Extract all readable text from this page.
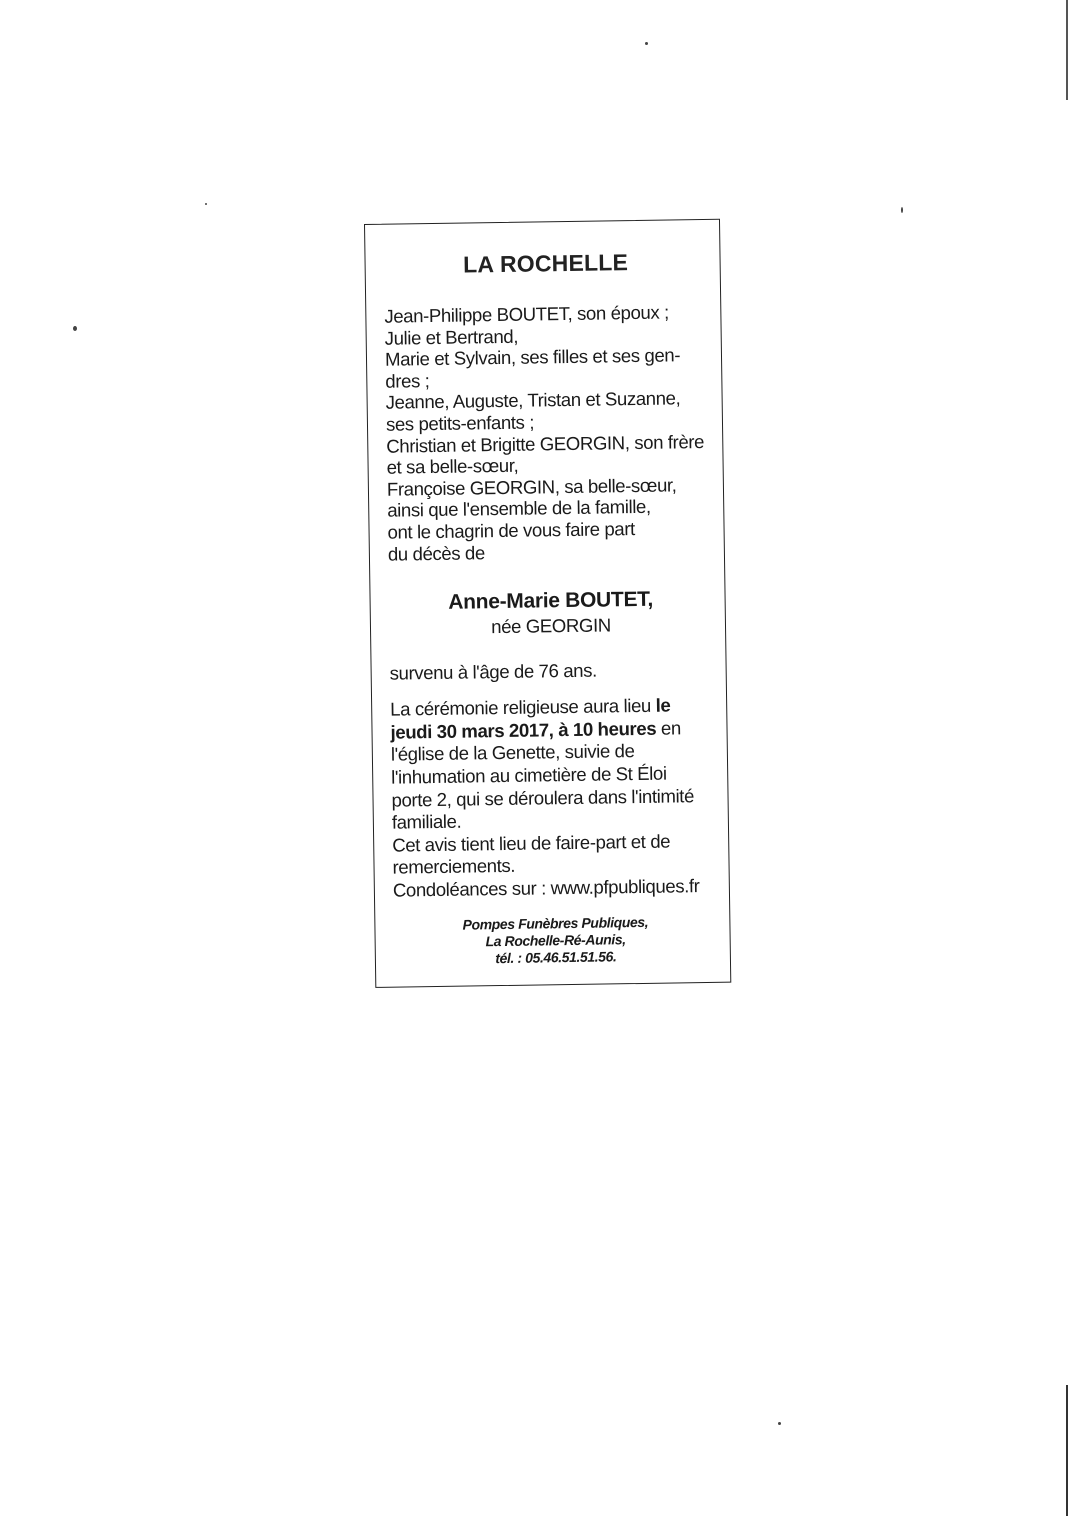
LA ROCHELLE
Jean-Philippe BOUTET, son époux ;
Julie et Bertrand,
Marie et Sylvain, ses filles et ses gen-
dres ;
Jeanne, Auguste, Tristan et Suzanne,
ses petits-enfants ;
Christian et Brigitte GEORGIN, son frère
et sa belle-sœur,
Françoise GEORGIN, sa belle-sœur,
ainsi que l'ensemble de la famille,
ont le chagrin de vous faire part
du décès de
Anne-Marie BOUTET,
née GEORGIN
survenu à l'âge de 76 ans.
La cérémonie religieuse aura lieu le
jeudi 30 mars 2017, à 10 heures en
l'église de la Genette, suivie de
l'inhumation au cimetière de St Éloi
porte 2, qui se déroulera dans l'intimité
familiale.
Cet avis tient lieu de faire-part et de
remerciements.
Condoléances sur : www.pfpubliques.fr
Pompes Funèbres Publiques,
La Rochelle-Ré-Aunis,
tél. : 05.46.51.51.56.
